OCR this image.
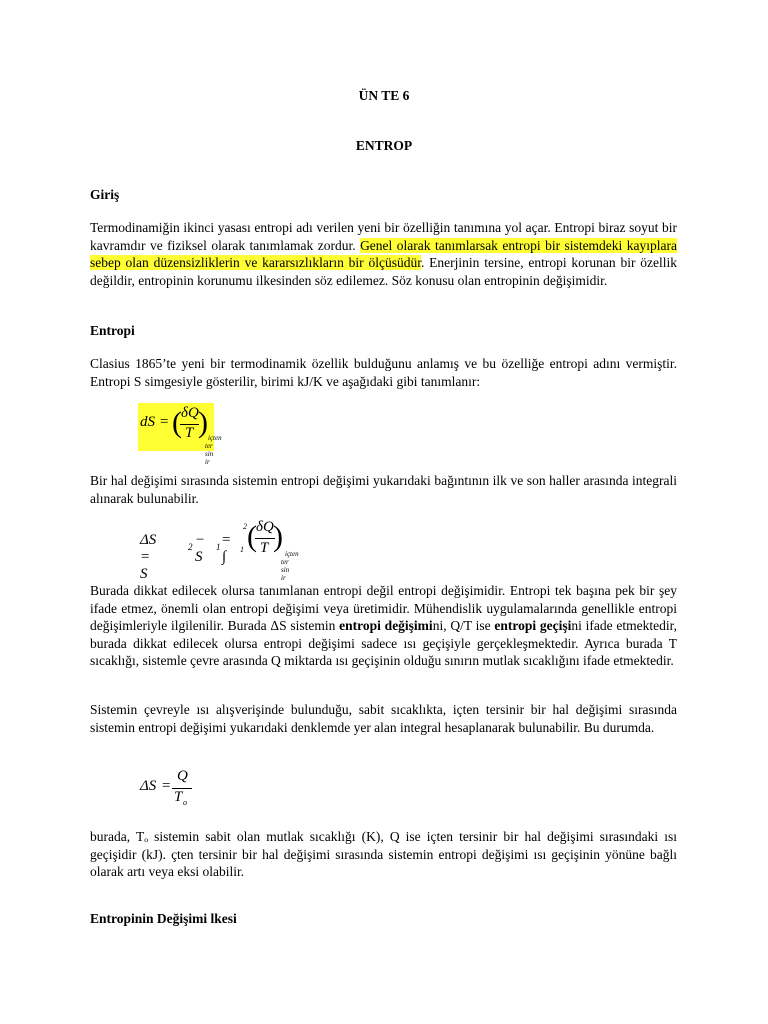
ÜN TE 6
ENTROP
Giriş
Termodinamiğin ikinci yasası entropi adı verilen yeni bir özelliğin tanımına yol açar. Entropi biraz soyut bir kavramdır ve fiziksel olarak tanımlamak zordur. Genel olarak tanımlarsak entropi bir sistemdeki kayıplara sebep olan düzensizliklerin ve kararsızlıkların bir ölçüsüdür. Enerjinin tersine, entropi korunan bir özellik değildir, entropinin korunumu ilkesinden söz edilemez. Söz konusu olan entropinin değişimidir.
Entropi
Clasius 1865’te yeni bir termodinamik özellik bulduğunu anlamış ve bu özelliğe entropi adını vermiştir. Entropi S simgesiyle gösterilir, birimi kJ/K ve aşağıdaki gibi tanımlanır:
dS = ( δQ
T ) içten
ter sin ir
Bir hal değişimi sırasında sistemin entropi değişimi yukarıdaki bağıntının ilk ve son haller arasında integrali alınarak bulunabilir.
ΔS = S
2 − S
1 = ∫
2
1 ( δQ
T )
içten
ter sin ir
Burada dikkat edilecek olursa tanımlanan entropi değil entropi değişimidir. Entropi tek başına pek bir şey ifade etmez, önemli olan entropi değişimi veya üretimidir. Mühendislik uygulamalarında genellikle entropi değişimleriyle ilgilenilir. Burada ΔS sistemin entropi değişimini, Q/T ise entropi geçişini ifade etmektedir, burada dikkat edilecek olursa entropi değişimi sadece ısı geçişiyle gerçekleşmektedir. Ayrıca burada T sıcaklığı, sistemle çevre arasında Q miktarda ısı geçişinin olduğu sınırın mutlak sıcaklığını ifade etmektedir.
Sistemin çevreyle ısı alışverişinde bulunduğu, sabit sıcaklıkta, içten tersinir bir hal değişimi sırasında sistemin entropi değişimi yukarıdaki denklemde yer alan integral hesaplanarak bulunabilir. Bu durumda.
ΔS =
Q
T o
burada, Tₒ sistemin sabit olan mutlak sıcaklığı (K), Q ise içten tersinir bir hal değişimi sırasındaki ısı geçişidir (kJ). çten tersinir bir hal değişimi sırasında sistemin entropi değişimi ısı geçişinin yönüne bağlı olarak artı veya eksi olabilir.
Entropinin Değişimi lkesi
